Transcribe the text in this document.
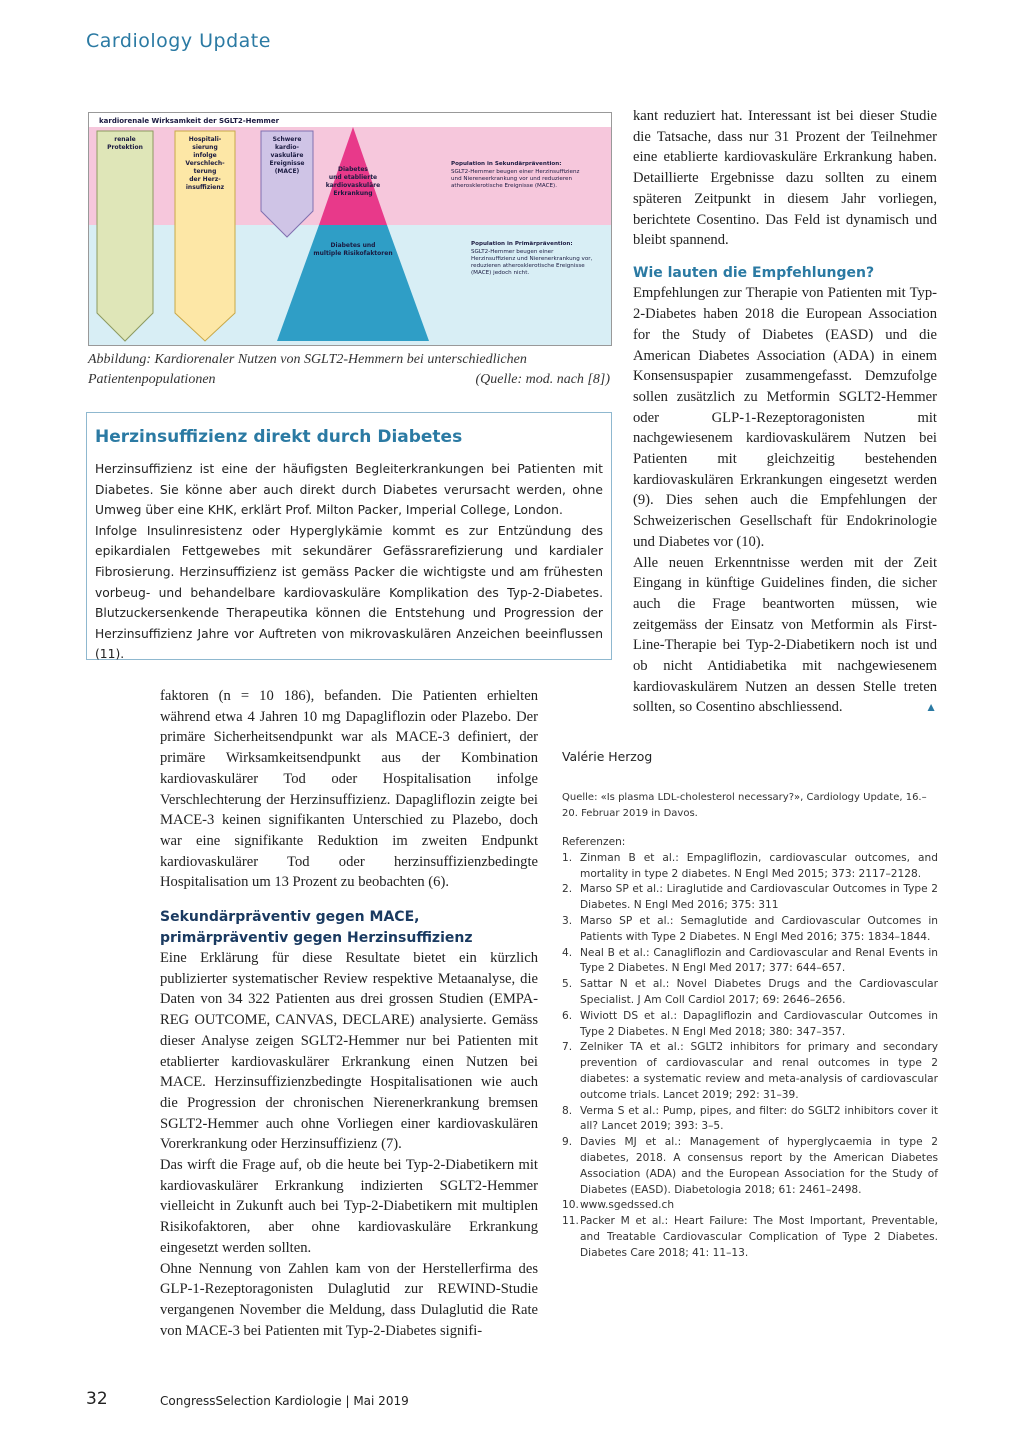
Cardiology Update
kardiorenale Wirksamkeit der SGLT2-Hemmer
renale
Protektion
Hospitali-
sierung
infolge
Verschlech-
terung
der Herz-
insuffizienz
Schwere
kardio-
vaskuläre
Ereignisse
(MACE)	Diabetes
und etablierte
kardiovaskuläre
Erkrankung
Diabetes und
multiple Risikofaktoren
Population in Sekundärprävention:
SGLT2-Hemmer beugen einer Herzinsuffizienz
und Niereneerkrankung vor und reduzieren
atherosklerotische Ereignisse (MACE).
Population in Primärprävention:
SGLT2-Hemmer beugen einer
Herzinsuffizienz und Nierenerkrankung vor,
reduzieren atherosklerotische Ereignisse
(MACE) jedoch nicht.
Abbildung: Kardiorenaler Nutzen von SGLT2-Hemmern bei unterschiedlichen
Patientenpopulationen	(Quelle: mod. nach [8])
Herzinsuffizienz direkt durch Diabetes

Herzinsuffizienz ist eine der häufigsten Begleiterkrankungen bei Patienten mit Diabetes. Sie könne aber auch direkt durch Diabetes verursacht werden, ohne Umweg über eine KHK, erklärt Prof. Milton Packer, Imperial College, London.

Infolge Insulinresistenz oder Hyperglykämie kommt es zur Entzündung des epikardialen Fettgewebes mit sekundärer Gefässrarefizierung und kardialer Fibrosierung. Herzinsuffizienz ist gemäss Packer die wichtigste und am frühesten vorbeug- und behandelbare kardiovaskuläre Komplikation des Typ-2-Diabetes. Blutzuckersenkende Therapeutika können die Entstehung und Progression der Herzinsuffizienz Jahre vor Auftreten von mikrovaskulären Anzeichen beeinflussen (11).

faktoren (n = 10 186), befanden. Die Patienten erhielten während etwa 4 Jahren 10 mg Dapagliflozin oder Plazebo. Der primäre Sicherheitsendpunkt war als MACE-3 definiert, der primäre Wirksamkeitsendpunkt aus der Kombination kardiovaskulärer Tod oder Hospitalisation infolge Verschlechterung der Herzinsuffizienz. Dapagliflozin zeigte bei MACE-3 keinen signifikanten Unterschied zu Plazebo, doch war eine signifikante Reduktion im zweiten Endpunkt kardiovaskulärer Tod oder herzinsuffizienzbedingte Hospitalisation um 13 Prozent zu beobachten (6).

Sekundärpräventiv gegen MACE,
primärpräventiv gegen Herzinsuffizienz

Eine Erklärung für diese Resultate bietet ein kürzlich publizierter systematischer Review respektive Metaanalyse, die Daten von 34 322 Patienten aus drei grossen Studien (EMPA-REG OUTCOME, CANVAS, DECLARE) analysierte. Gemäss dieser Analyse zeigen SGLT2-Hemmer nur bei Patienten mit etablierter kardiovaskulärer Erkrankung einen Nutzen bei MACE. Herzinsuffizienzbedingte Hospitalisationen wie auch die Progression der chronischen Nierenerkrankung bremsen SGLT2-Hemmer auch ohne Vorliegen einer kardiovaskulären Vorerkrankung oder Herzinsuffizienz (7).

Das wirft die Frage auf, ob die heute bei Typ-2-Diabetikern mit kardiovaskulärer Erkrankung indizierten SGLT2-Hemmer vielleicht in Zukunft auch bei Typ-2-Diabetikern mit multiplen Risikofaktoren, aber ohne kardiovaskuläre Erkrankung eingesetzt werden sollten.

Ohne Nennung von Zahlen kam von der Herstellerfirma des GLP-1-Rezeptoragonisten Dulaglutid zur REWIND-Studie vergangenen November die Meldung, dass Dulaglutid die Rate von MACE-3 bei Patienten mit Typ-2-Diabetes signifi-

kant reduziert hat. Interessant ist bei dieser Studie die Tatsache, dass nur 31 Prozent der Teilnehmer eine etablierte kardiovaskuläre Erkrankung haben. Detaillierte Ergebnisse dazu sollten zu einem späteren Zeitpunkt in diesem Jahr vorliegen, berichtete Cosentino. Das Feld ist dynamisch und bleibt spannend.

Wie lauten die Empfehlungen?

Empfehlungen zur Therapie von Patienten mit Typ-2-Diabetes haben 2018 die European Association for the Study of Diabetes (EASD) und die American Diabetes Association (ADA) in einem Konsensuspapier zusammengefasst. Demzufolge sollen zusätzlich zu Metformin SGLT2-Hemmer oder GLP-1-Rezeptoragonisten mit nachgewiesenem kardiovaskulärem Nutzen bei Patienten mit gleichzeitig bestehenden kardiovaskulären Erkrankungen eingesetzt werden (9). Dies sehen auch die Empfehlungen der Schweizerischen Gesellschaft für Endokrinologie und Diabetes vor (10).

Alle neuen Erkenntnisse werden mit der Zeit Eingang in künftige Guidelines finden, die sicher auch die Frage beantworten müssen, wie zeitgemäss der Einsatz von Metformin als First-Line-Therapie bei Typ-2-Diabetikern noch ist und ob nicht Antidiabetika mit nachgewiesenem kardiovaskulärem Nutzen an dessen Stelle treten sollten, so Cosentino abschliessend.	▲

Valérie Herzog
Quelle: «Is plasma LDL-cholesterol necessary?», Cardiology Update, 16.–20. Februar 2019 in Davos.
Referenzen:
1. Zinman B et al.: Empagliflozin, cardiovascular outcomes, and mortality in type 2 diabetes. N Engl Med 2015; 373: 2117–2128.
2. Marso SP et al.: Liraglutide and Cardiovascular Outcomes in Type 2 Diabetes. N Engl Med 2016; 375: 311
3. Marso SP et al.: Semaglutide and Cardiovascular Outcomes in Patients with Type 2 Diabetes. N Engl Med 2016; 375: 1834–1844.
4. Neal B et al.: Canagliflozin and Cardiovascular and Renal Events in Type 2 Diabetes. N Engl Med 2017; 377: 644–657.
5. Sattar N et al.: Novel Diabetes Drugs and the Cardiovascular Specialist. J Am Coll Cardiol 2017; 69: 2646–2656.
6. Wiviott DS et al.: Dapagliflozin and Cardiovascular Outcomes in Type 2 Diabetes. N Engl Med 2018; 380: 347–357.
7. Zelniker TA et al.: SGLT2 inhibitors for primary and secondary prevention of cardiovascular and renal outcomes in type 2 diabetes: a systematic review and meta-analysis of cardiovascular outcome trials. Lancet 2019; 292: 31–39.
8. Verma S et al.: Pump, pipes, and filter: do SGLT2 inhibitors cover it all? Lancet 2019; 393: 3–5.
9. Davies MJ et al.: Management of hyperglycaemia in type 2 diabetes, 2018. A consensus report by the American Diabetes Association (ADA) and the European Association for the Study of Diabetes (EASD). Diabetologia 2018; 61: 2461–2498.
10. www.sgedssed.ch
11. Packer M et al.: Heart Failure: The Most Important, Preventable, and Treatable Cardiovascular Complication of Type 2 Diabetes. Diabetes Care 2018; 41: 11–13.
32	CongressSelection Kardiologie | Mai 2019
